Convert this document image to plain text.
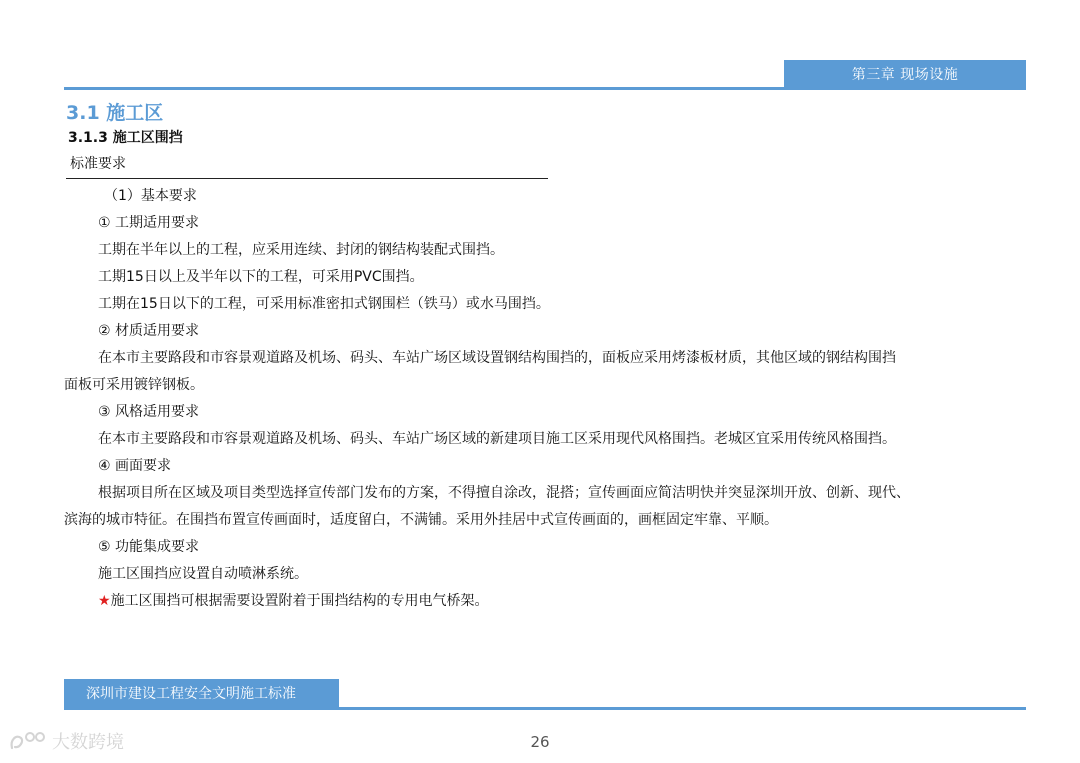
第三章 现场设施
3.1 施工区
3.1.3 施工区围挡
标准要求
（1）基本要求
① 工期适用要求
工期在半年以上的工程，应采用连续、封闭的钢结构装配式围挡。
工期15日以上及半年以下的工程，可采用PVC围挡。
工期在15日以下的工程，可采用标准密扣式钢围栏（铁马）或水马围挡。
② 材质适用要求
在本市主要路段和市容景观道路及机场、码头、车站广场区域设置钢结构围挡的，面板应采用烤漆板材质，其他区域的钢结构围挡
面板可采用镀锌钢板。
③ 风格适用要求
在本市主要路段和市容景观道路及机场、码头、车站广场区域的新建项目施工区采用现代风格围挡。老城区宜采用传统风格围挡。
④ 画面要求
根据项目所在区域及项目类型选择宣传部门发布的方案，不得擅自涂改，混搭；宣传画面应简洁明快并突显深圳开放、创新、现代、
滨海的城市特征。在围挡布置宣传画面时，适度留白，不满铺。采用外挂居中式宣传画面的，画框固定牢靠、平顺。
⑤ 功能集成要求
施工区围挡应设置自动喷淋系统。
★施工区围挡可根据需要设置附着于围挡结构的专用电气桥架。
深圳市建设工程安全文明施工标准
26
大数跨境
